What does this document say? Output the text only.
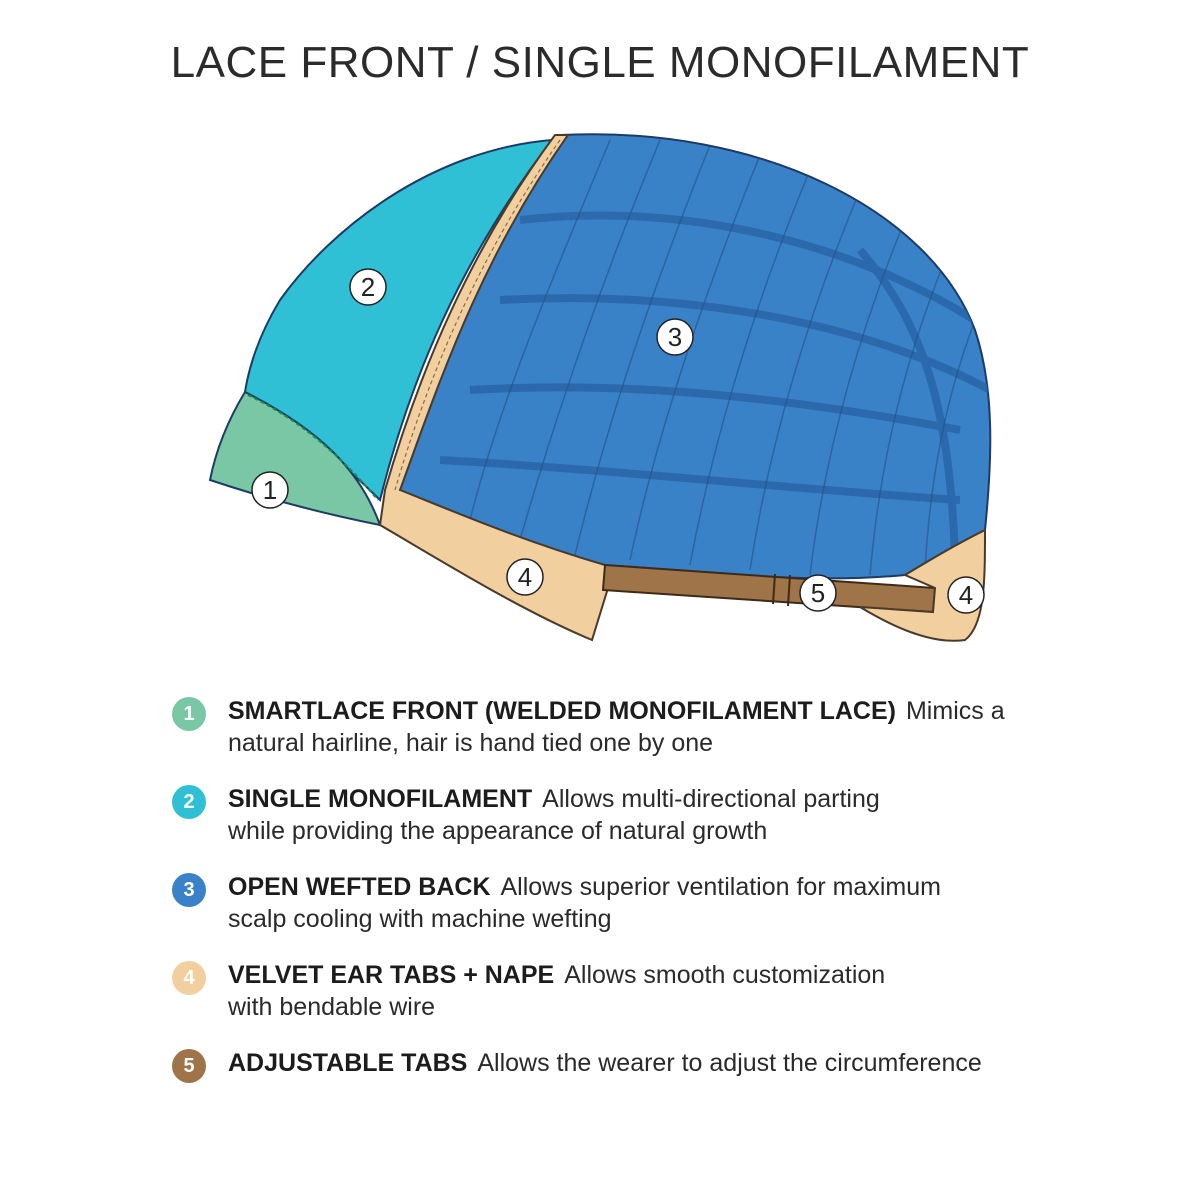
LACE FRONT / SINGLE MONOFILAMENT
1
2
3
4
5	4
1	SMARTLACE FRONT (WELDED MONOFILAMENT LACE) Mimics a
natural hairline, hair is hand tied one by one
2	SINGLE MONOFILAMENT Allows multi-directional parting
while providing the appearance of natural growth
3	OPEN WEFTED BACK Allows superior ventilation for maximum
scalp cooling with machine wefting
4	VELVET EAR TABS + NAPE Allows smooth customization
with bendable wire
5	ADJUSTABLE TABS Allows the wearer to adjust the circumference
